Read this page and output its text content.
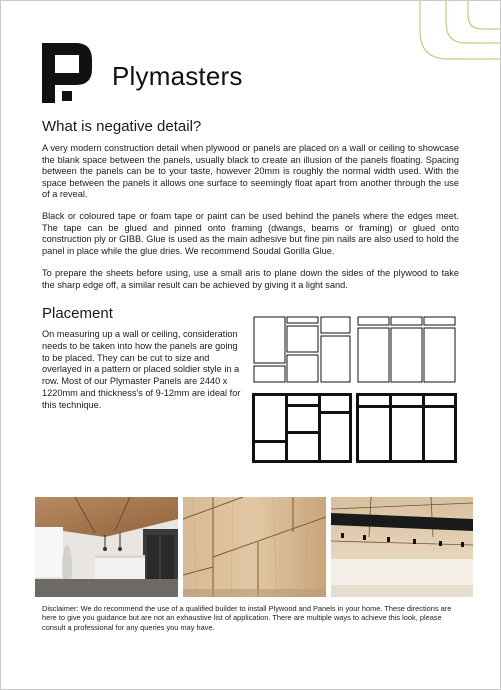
Plymasters
What is negative detail?
A very modern construction detail when plywood or panels are placed on a wall or ceiling to showcase the blank space between the panels, usually black to create an illusion of the panels floating. Spacing between the panels can be to your taste, however 20mm is roughly the normal width used. With the space between the panels it allows one surface to seemingly float apart from another through the use of a reveal.
Black or coloured tape or foam tape or paint can be used behind the panels where the edges meet. The tape can be glued and pinned onto framing (dwangs, beams or framing) or glued onto construction ply or GIBB. Glue is used as the main adhesive but fine pin nails are also used to hold the panel in place while the glue dries. We recommend Soudal Gorilla Glue.
To prepare the sheets before using, use a small aris to plane down the sides of the plywood to take the sharp edge off, a similar result can be achieved by giving it a light sand.
Placement
On measuring up a wall or ceiling, consideration needs to be taken into how the panels are going to be placed. They can be cut to size and overlayed in a pattern or placed soldier style in a row. Most of our Plymaster Panels are 2440 x 1220mm and thickness's of 9-12mm are ideal for this technique.
Disclaimer: We do recommend the use of a qualified builder to install Plywood and Panels in your home. These directions are here to give you guidance but are not an exhaustive list of application. There are multiple ways to achieve this look, please consult a professional for any queries you may have.
